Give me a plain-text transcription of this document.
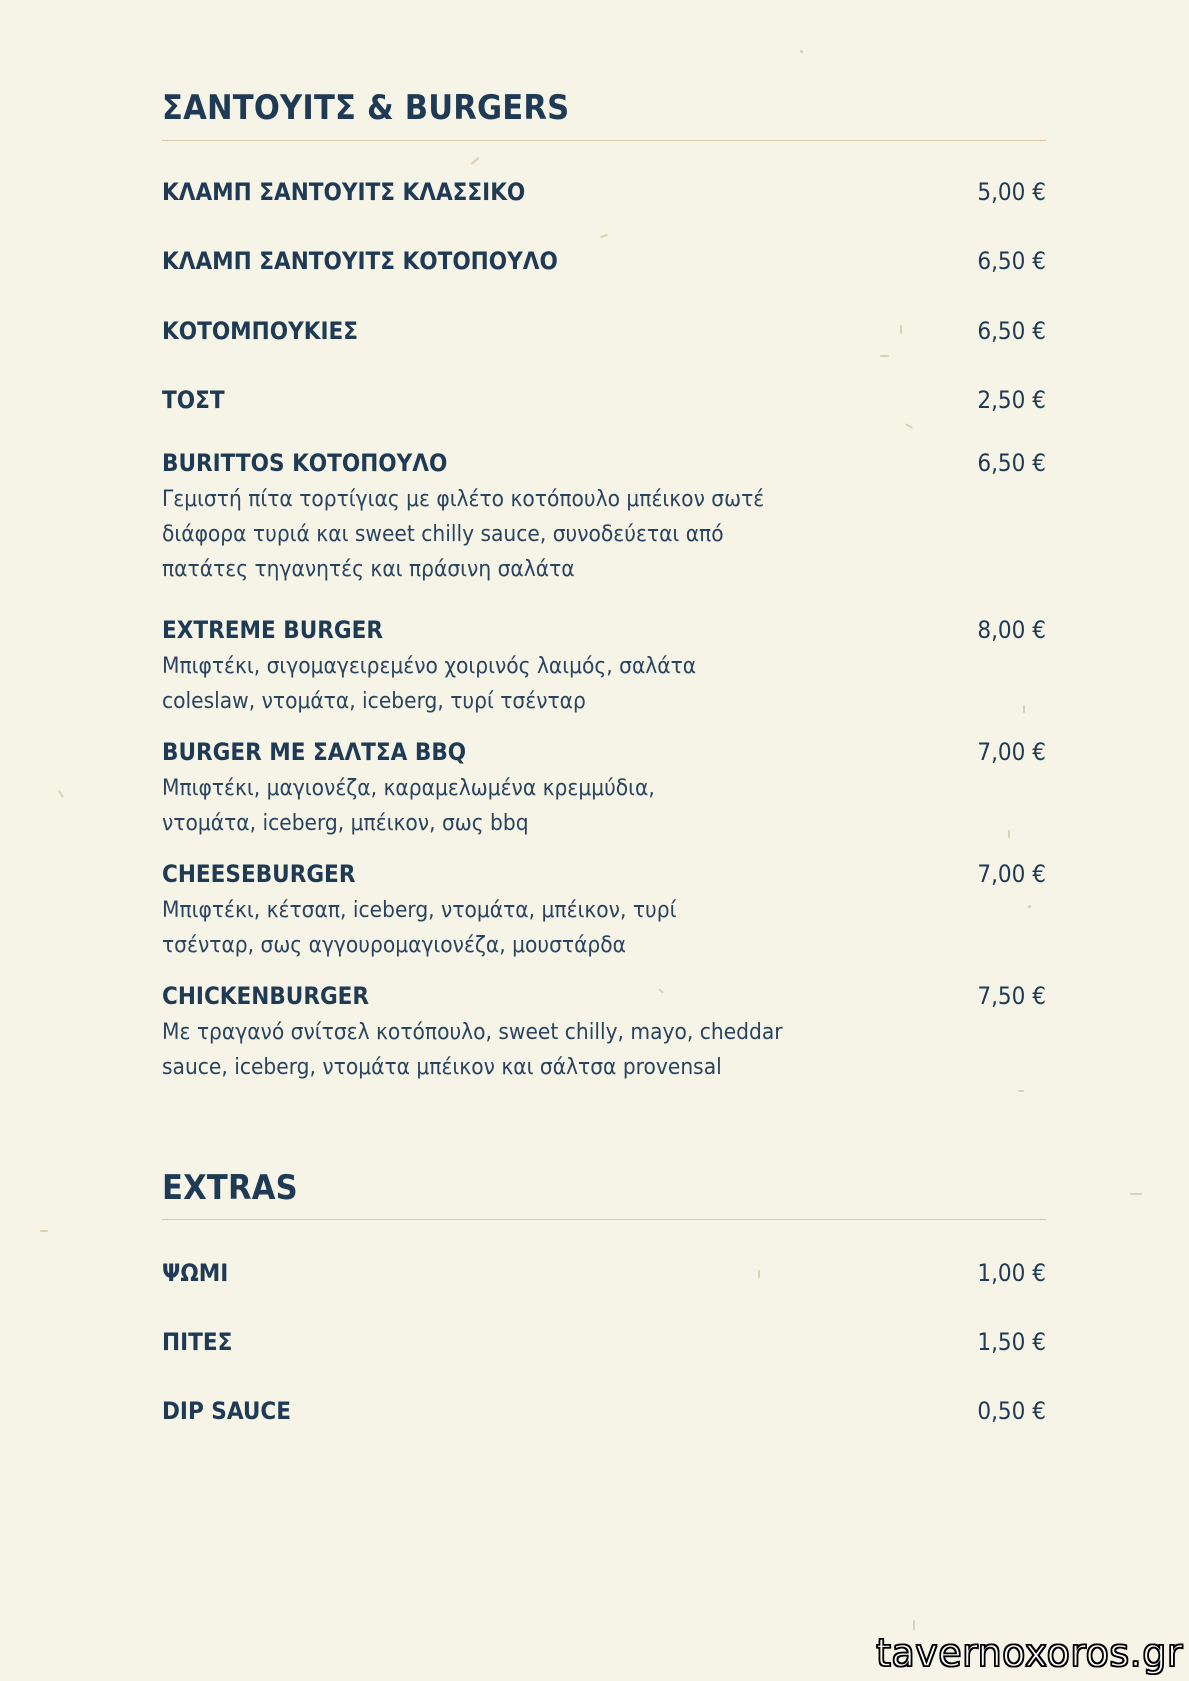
ΣΑΝΤΟΥΙΤΣ & BURGERS
ΚΛΑΜΠ ΣΑΝΤΟΥΙΤΣ ΚΛΑΣΣΙΚΟ	5,00 €
ΚΛΑΜΠ ΣΑΝΤΟΥΙΤΣ ΚΟΤΟΠΟΥΛΟ	6,50 €
ΚΟΤΟΜΠΟΥΚΙΕΣ	6,50 €
ΤΟΣΤ	2,50 €
BURITTOS ΚΟΤΟΠΟΥΛΟ	6,50 €
Γεμιστή πίτα τορτίγιας με φιλέτο κοτόπουλο μπέικον σωτέ διάφορα τυριά και sweet chilly sauce, συνοδεύεται από πατάτες τηγανητές και πράσινη σαλάτα
EXTREME BURGER	8,00 €
Μπιφτέκι, σιγομαγειρεμένο χοιρινός λαιμός, σαλάτα coleslaw, ντομάτα, iceberg, τυρί τσένταρ
BURGER ΜΕ ΣΑΛΤΣΑ BBQ	7,00 €
Μπιφτέκι, μαγιονέζα, καραμελωμένα κρεμμύδια, ντομάτα, iceberg, μπέικον, σως bbq
CHEESEBURGER	7,00 €
Μπιφτέκι, κέτσαπ, iceberg, ντομάτα, μπέικον, τυρί τσένταρ, σως αγγουρομαγιονέζα, μουστάρδα
CHICKENBURGER	7,50 €
Με τραγανό σνίτσελ κοτόπουλο, sweet chilly, mayo, cheddar sauce, iceberg, ντομάτα μπέικον και σάλτσα provensal
EXTRAS
ΨΩΜΙ	1,00 €
ΠΙΤΕΣ	1,50 €
DIP SAUCE	0,50 €
tavernoxoros.gr
